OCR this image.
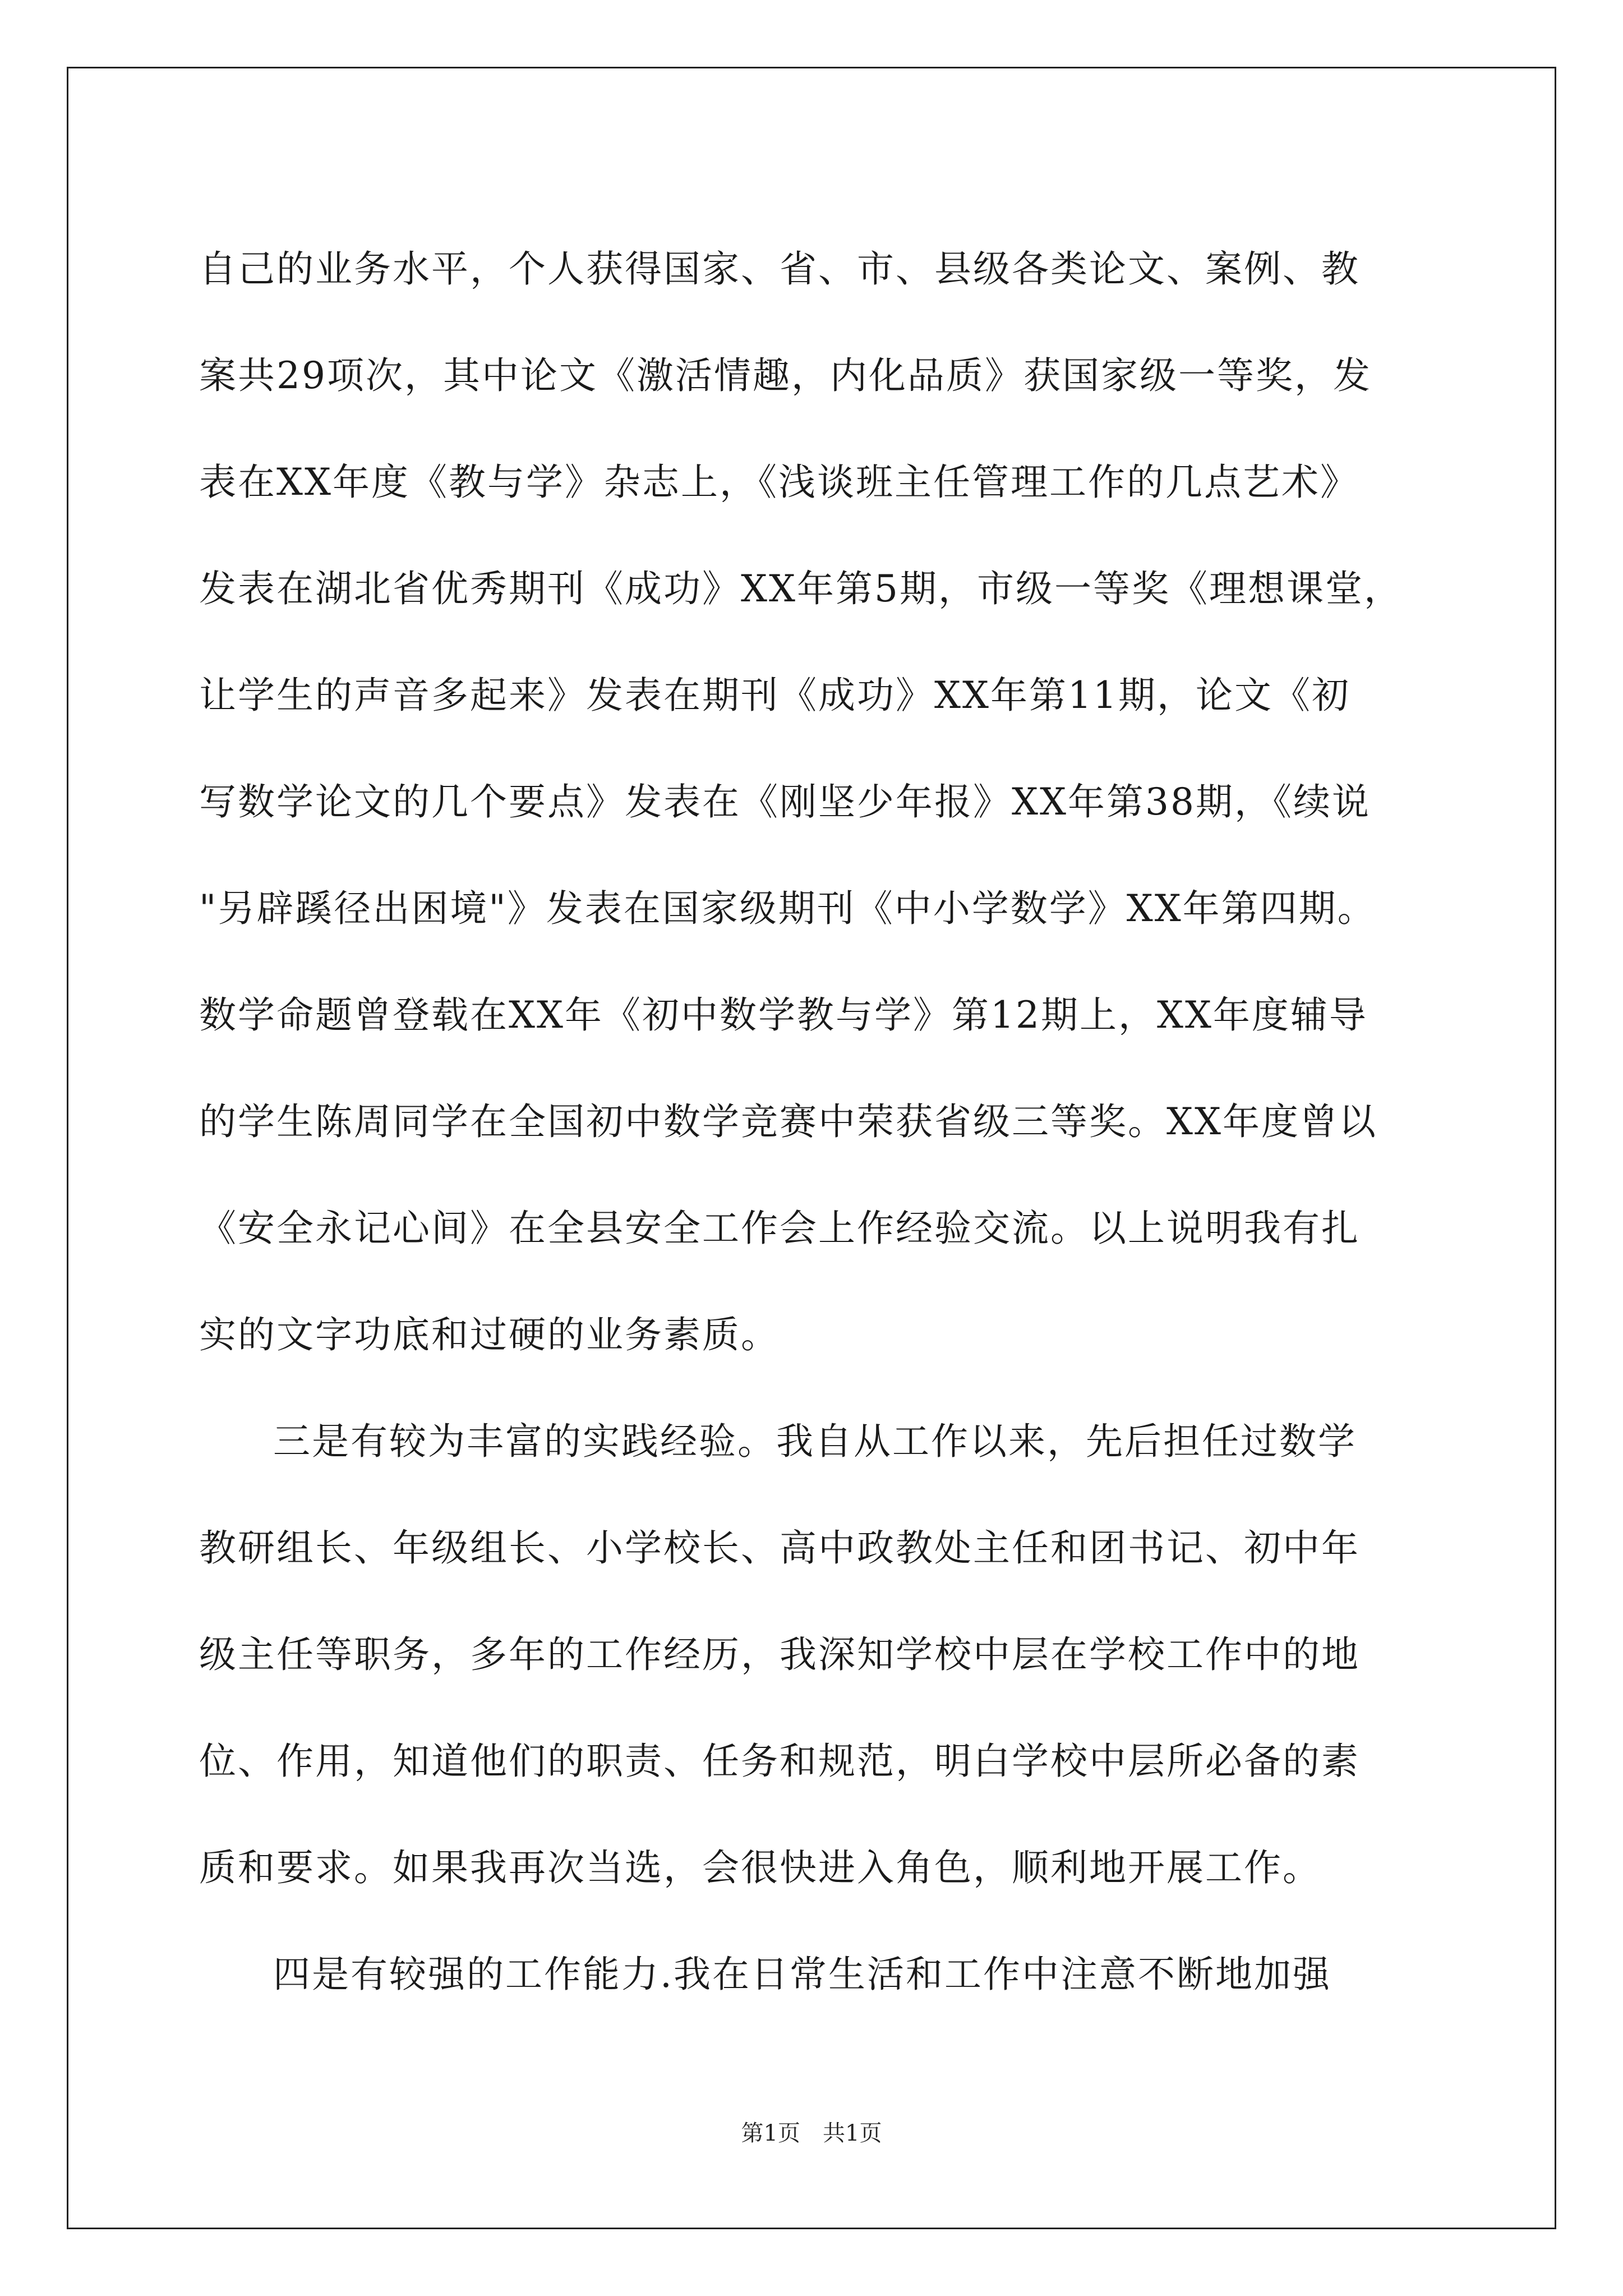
自己的业务水平，个人获得国家、省、市、县级各类论文、案例、教
案共29项次，其中论文《激活情趣，内化品质》获国家级一等奖，发
表在XX年度《教与学》杂志上，《浅谈班主任管理工作的几点艺术》
发表在湖北省优秀期刊《成功》XX年第5期，市级一等奖《理想课堂，
让学生的声音多起来》发表在期刊《成功》XX年第11期，论文《初
写数学论文的几个要点》发表在《刚坚少年报》XX年第38期，《续说
"另辟蹊径出困境"》发表在国家级期刊《中小学数学》XX年第四期。
数学命题曾登载在XX年《初中数学教与学》第12期上，XX年度辅导
的学生陈周同学在全国初中数学竞赛中荣获省级三等奖。XX年度曾以
《安全永记心间》在全县安全工作会上作经验交流。以上说明我有扎
实的文字功底和过硬的业务素质。
三是有较为丰富的实践经验。我自从工作以来，先后担任过数学
教研组长、年级组长、小学校长、高中政教处主任和团书记、初中年
级主任等职务，多年的工作经历，我深知学校中层在学校工作中的地
位、作用，知道他们的职责、任务和规范，明白学校中层所必备的素
质和要求。如果我再次当选，会很快进入角色，顺利地开展工作。
四是有较强的工作能力.我在日常生活和工作中注意不断地加强
第1页 共1页
